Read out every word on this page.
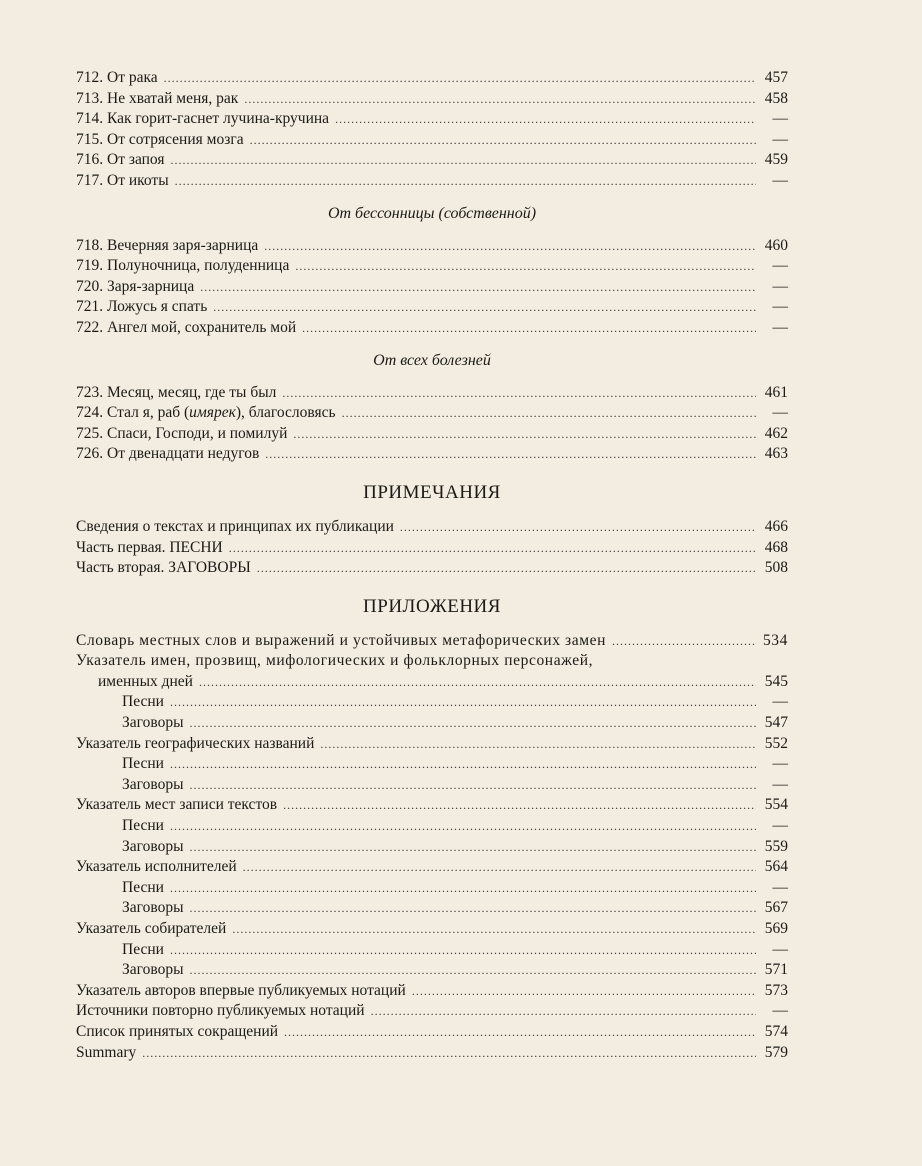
712. От рака .....	457
713. Не хватай меня, рак .....	458
714. Как горит-гаснет лучина-кручина .....	—
715. От сотрясения мозга .....	—
716. От запоя .....	459
717. От икоты .....	—
От бессонницы (собственной)
718. Вечерняя заря-зарница .....	460
719. Полуночница, полуденница .....	—
720. Заря-зарница .....	—
721. Ложусь я спать .....	—
722. Ангел мой, сохранитель мой .....	—
От всех болезней
723. Месяц, месяц, где ты был .....	461
724. Стал я, раб (имярек), благословясь .....	—
725. Спаси, Господи, и помилуй .....	462
726. От двенадцати недугов .....	463
ПРИМЕЧАНИЯ
Сведения о текстах и принципах их публикации .....	466
Часть первая. ПЕСНИ .....	468
Часть вторая. ЗАГОВОРЫ .....	508
ПРИЛОЖЕНИЯ
Словарь местных слов и выражений и устойчивых метафорических замен .....	534
Указатель имен, прозвищ, мифологических и фольклорных персонажей,
именных дней .....	545
Песни .....	—
Заговоры .....	547
Указатель географических названий .....	552
Песни .....	—
Заговоры .....	—
Указатель мест записи текстов .....	554
Песни .....	—
Заговоры .....	559
Указатель исполнителей .....	564
Песни .....	—
Заговоры .....	567
Указатель собирателей .....	569
Песни .....	—
Заговоры .....	571
Указатель авторов впервые публикуемых нотаций .....	573
Источники повторно публикуемых нотаций .....	—
Список принятых сокращений .....	574
Summary .....	579
